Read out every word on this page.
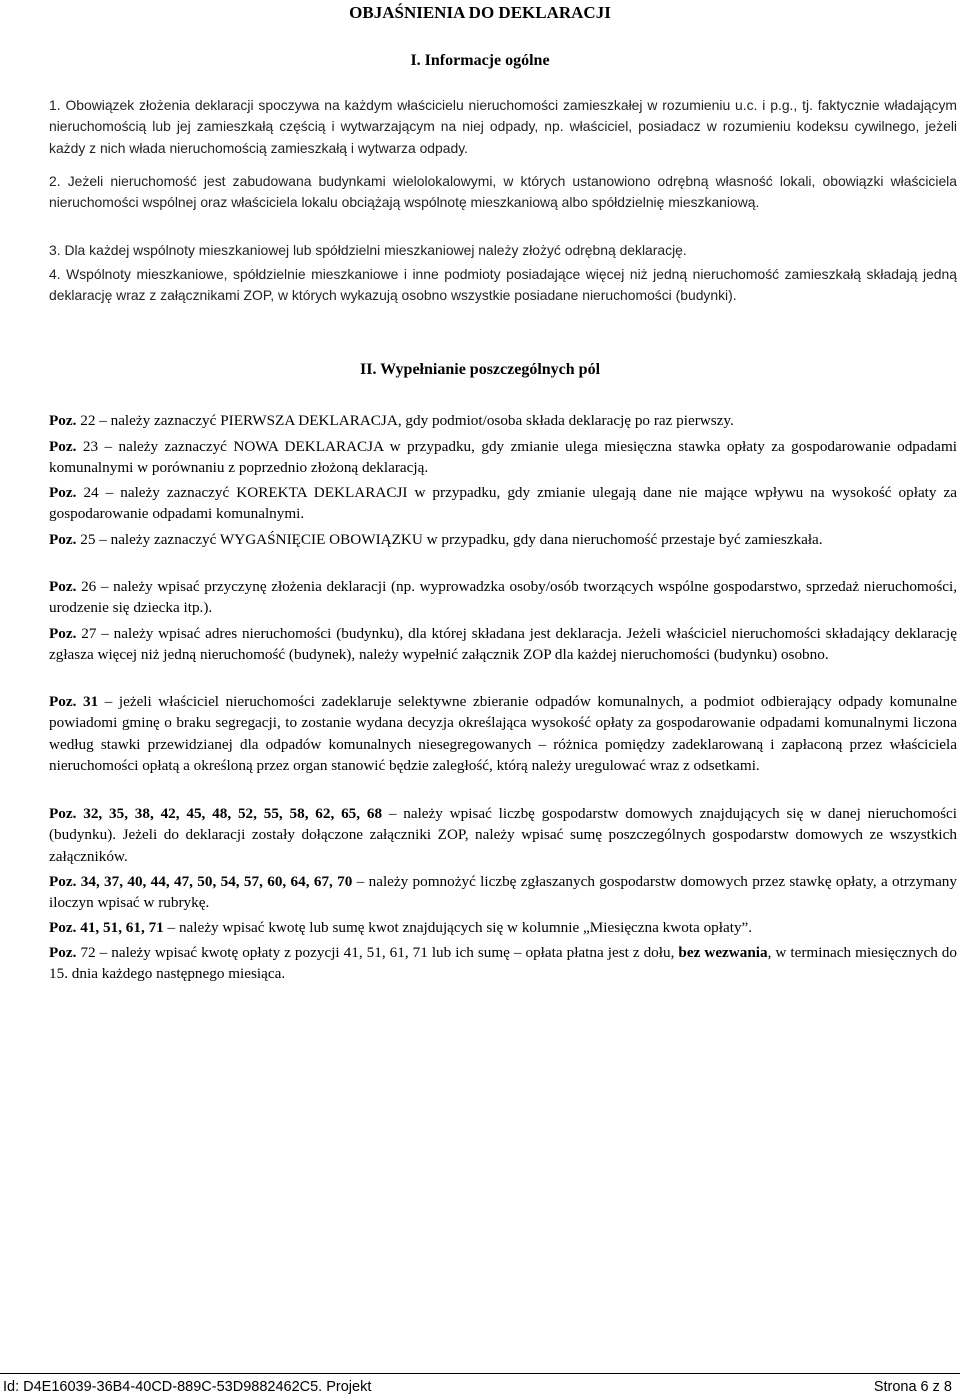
OBJAŚNIENIA DO DEKLARACJI
I. Informacje ogólne
1. Obowiązek złożenia deklaracji spoczywa na każdym właścicielu nieruchomości zamieszkałej w rozumieniu u.c. i p.g., tj. faktycznie władającym nieruchomością lub jej zamieszkałą częścią i wytwarzającym na niej odpady, np. właściciel, posiadacz w rozumieniu kodeksu cywilnego, jeżeli każdy z nich włada nieruchomością zamieszkałą i wytwarza odpady.
2. Jeżeli nieruchomość jest zabudowana budynkami wielolokalowymi, w których ustanowiono odrębną własność lokali, obowiązki właściciela nieruchomości wspólnej oraz właściciela lokalu obciążają wspólnotę mieszkaniową albo spółdzielnię mieszkaniową.
3. Dla każdej wspólnoty mieszkaniowej lub spółdzielni mieszkaniowej należy złożyć odrębną deklarację.
4. Wspólnoty mieszkaniowe, spółdzielnie mieszkaniowe i inne podmioty posiadające więcej niż jedną nieruchomość zamieszkałą składają jedną deklarację wraz z załącznikami ZOP, w których wykazują osobno wszystkie posiadane nieruchomości (budynki).
II. Wypełnianie poszczególnych pól
Poz. 22 – należy zaznaczyć PIERWSZA DEKLARACJA, gdy podmiot/osoba składa deklarację po raz pierwszy.
Poz. 23 – należy zaznaczyć NOWA DEKLARACJA w przypadku, gdy zmianie ulega miesięczna stawka opłaty za gospodarowanie odpadami komunalnymi w porównaniu z poprzednio złożoną deklaracją.
Poz. 24 – należy zaznaczyć KOREKTA DEKLARACJI w przypadku, gdy zmianie ulegają dane nie mające wpływu na wysokość opłaty za gospodarowanie odpadami komunalnymi.
Poz. 25 – należy zaznaczyć WYGAŚNIĘCIE OBOWIĄZKU w przypadku, gdy dana nieruchomość przestaje być zamieszkała.
Poz. 26 – należy wpisać przyczynę złożenia deklaracji (np. wyprowadzka osoby/osób tworzących wspólne gospodarstwo, sprzedaż nieruchomości, urodzenie się dziecka itp.).
Poz. 27 – należy wpisać adres nieruchomości (budynku), dla której składana jest deklaracja. Jeżeli właściciel nieruchomości składający deklarację zgłasza więcej niż jedną nieruchomość (budynek), należy wypełnić załącznik ZOP dla każdej nieruchomości (budynku) osobno.
Poz. 31 – jeżeli właściciel nieruchomości zadeklaruje selektywne zbieranie odpadów komunalnych, a podmiot odbierający odpady komunalne powiadomi gminę o braku segregacji, to zostanie wydana decyzja określająca wysokość opłaty za gospodarowanie odpadami komunalnymi liczona według stawki przewidzianej dla odpadów komunalnych niesegregowanych – różnica pomiędzy zadeklarowaną i zapłaconą przez właściciela nieruchomości opłatą a określoną przez organ stanowić będzie zaległość, którą należy uregulować wraz z odsetkami.
Poz. 32, 35, 38, 42, 45, 48, 52, 55, 58, 62, 65, 68 – należy wpisać liczbę gospodarstw domowych znajdujących się w danej nieruchomości (budynku). Jeżeli do deklaracji zostały dołączone załączniki ZOP, należy wpisać sumę poszczególnych gospodarstw domowych ze wszystkich załączników.
Poz. 34, 37, 40, 44, 47, 50, 54, 57, 60, 64, 67, 70 – należy pomnożyć liczbę zgłaszanych gospodarstw domowych przez stawkę opłaty, a otrzymany iloczyn wpisać w rubrykę.
Poz. 41, 51, 61, 71 – należy wpisać kwotę lub sumę kwot znajdujących się w kolumnie „Miesięczna kwota opłaty”.
Poz. 72 – należy wpisać kwotę opłaty z pozycji 41, 51, 61, 71 lub ich sumę – opłata płatna jest z dołu, bez wezwania, w terminach miesięcznych do 15. dnia każdego następnego miesiąca.
Id: D4E16039-36B4-40CD-889C-53D9882462C5. Projekt	Strona 6 z 8
